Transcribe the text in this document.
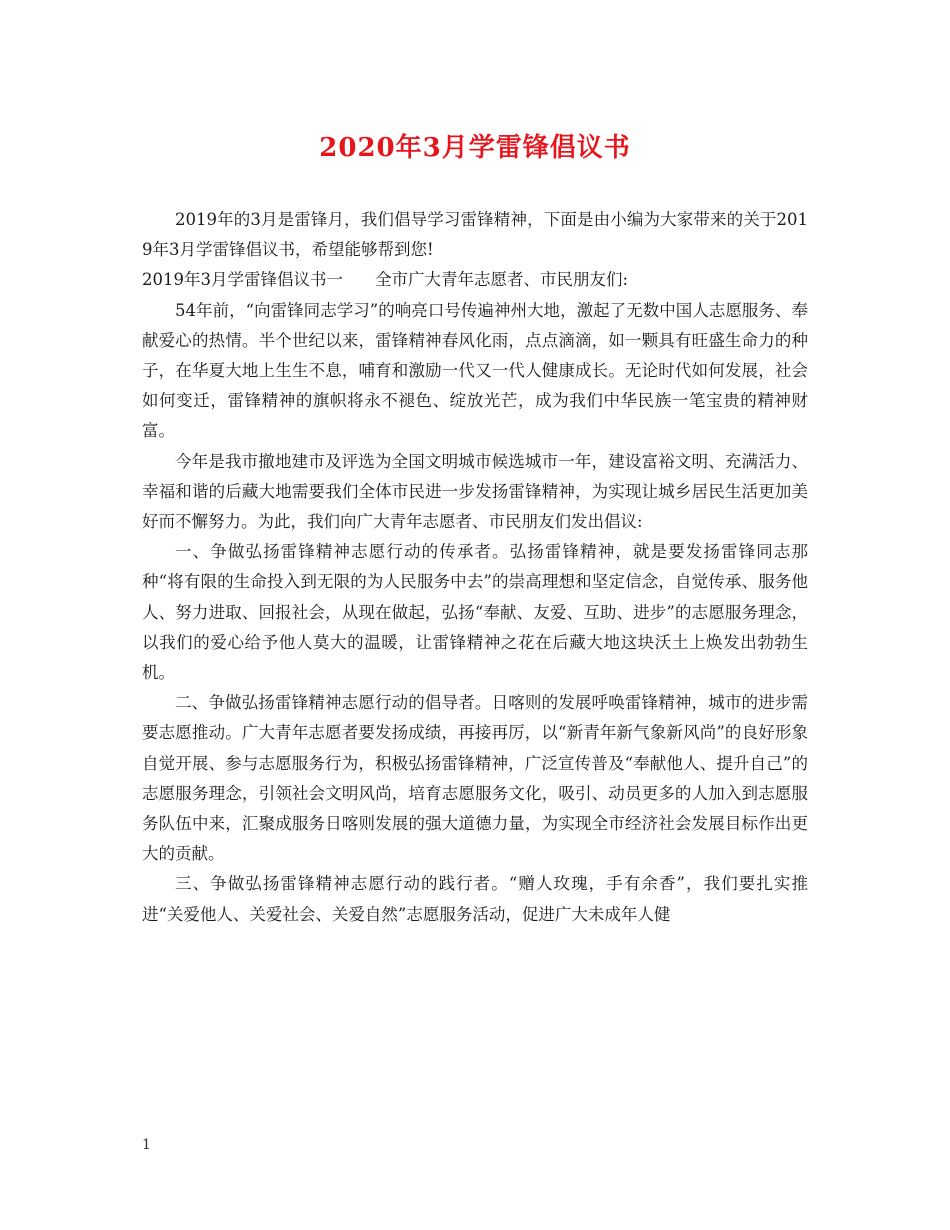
2020年3月学雷锋倡议书

2019年的3月是雷锋月，我们倡导学习雷锋精神，下面是由小编为大家带来的关于2019年3月学雷锋倡议书，希望能够帮到您!

2019年3月学雷锋倡议书一 全市广大青年志愿者、市民朋友们:

54年前，“向雷锋同志学习”的响亮口号传遍神州大地，激起了无数中国人志愿服务、奉献爱心的热情。半个世纪以来，雷锋精神春风化雨，点点滴滴，如一颗具有旺盛生命力的种子，在华夏大地上生生不息，哺育和激励一代又一代人健康成长。无论时代如何发展，社会如何变迁，雷锋精神的旗帜将永不褪色、绽放光芒，成为我们中华民族一笔宝贵的精神财富。

今年是我市撤地建市及评选为全国文明城市候选城市一年，建设富裕文明、充满活力、幸福和谐的后藏大地需要我们全体市民进一步发扬雷锋精神，为实现让城乡居民生活更加美好而不懈努力。为此，我们向广大青年志愿者、市民朋友们发出倡议:

一、争做弘扬雷锋精神志愿行动的传承者。弘扬雷锋精神，就是要发扬雷锋同志那种“将有限的生命投入到无限的为人民服务中去”的崇高理想和坚定信念，自觉传承、服务他人、努力进取、回报社会，从现在做起，弘扬“奉献、友爱、互助、进步”的志愿服务理念，以我们的爱心给予他人莫大的温暖，让雷锋精神之花在后藏大地这块沃土上焕发出勃勃生机。

二、争做弘扬雷锋精神志愿行动的倡导者。日喀则的发展呼唤雷锋精神，城市的进步需要志愿推动。广大青年志愿者要发扬成绩，再接再厉，以“新青年新气象新风尚”的良好形象自觉开展、参与志愿服务行为，积极弘扬雷锋精神，广泛宣传普及“奉献他人、提升自己”的志愿服务理念，引领社会文明风尚，培育志愿服务文化，吸引、动员更多的人加入到志愿服务队伍中来，汇聚成服务日喀则发展的强大道德力量，为实现全市经济社会发展目标作出更大的贡献。

三、争做弘扬雷锋精神志愿行动的践行者。“赠人玫瑰，手有余香”，我们要扎实推进“关爱他人、关爱社会、关爱自然”志愿服务活动，促进广大未成年人健

1
